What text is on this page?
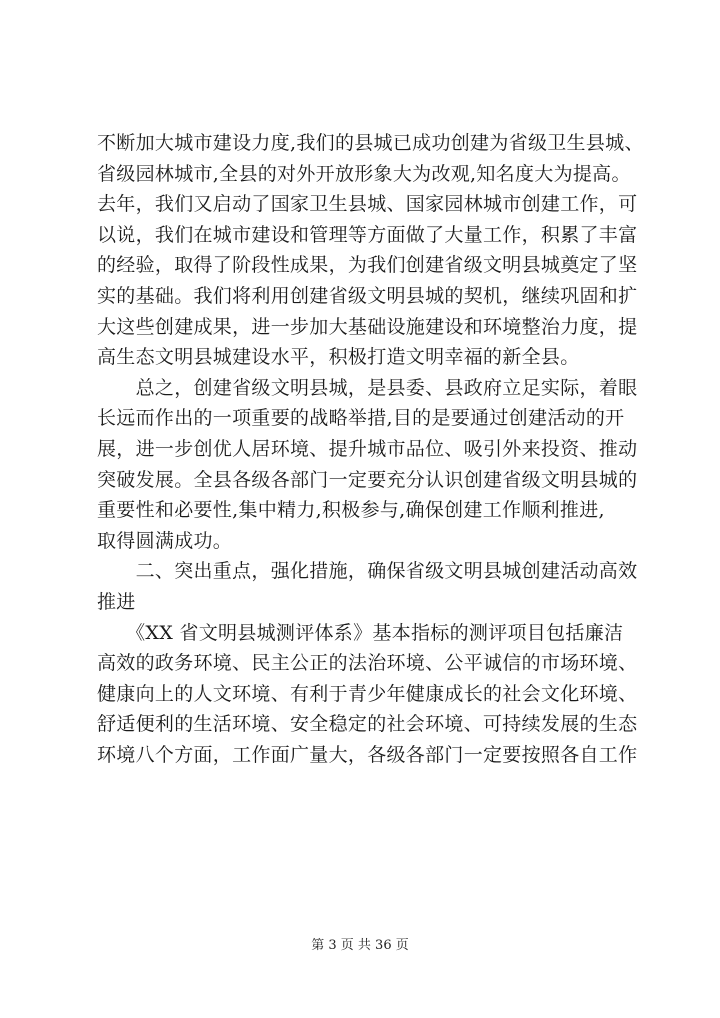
不断加大城市建设力度,我们的县城已成功创建为省级卫生县城、
省级园林城市,全县的对外开放形象大为改观,知名度大为提高。
去年，我们又启动了国家卫生县城、国家园林城市创建工作，可
以说，我们在城市建设和管理等方面做了大量工作，积累了丰富
的经验，取得了阶段性成果，为我们创建省级文明县城奠定了坚
实的基础。我们将利用创建省级文明县城的契机，继续巩固和扩
大这些创建成果，进一步加大基础设施建设和环境整治力度，提
高生态文明县城建设水平，积极打造文明幸福的新全县。
　　总之，创建省级文明县城，是县委、县政府立足实际，着眼
长远而作出的一项重要的战略举措,目的是要通过创建活动的开
展，进一步创优人居环境、提升城市品位、吸引外来投资、推动
突破发展。全县各级各部门一定要充分认识创建省级文明县城的
重要性和必要性,集中精力,积极参与,确保创建工作顺利推进,
取得圆满成功。
　　二、突出重点，强化措施，确保省级文明县城创建活动高效
推进
　　《XX 省文明县城测评体系》基本指标的测评项目包括廉洁
高效的政务环境、民主公正的法治环境、公平诚信的市场环境、
健康向上的人文环境、有利于青少年健康成长的社会文化环境、
舒适便利的生活环境、安全稳定的社会环境、可持续发展的生态
环境八个方面，工作面广量大，各级各部门一定要按照各自工作
第 3 页 共 36 页
